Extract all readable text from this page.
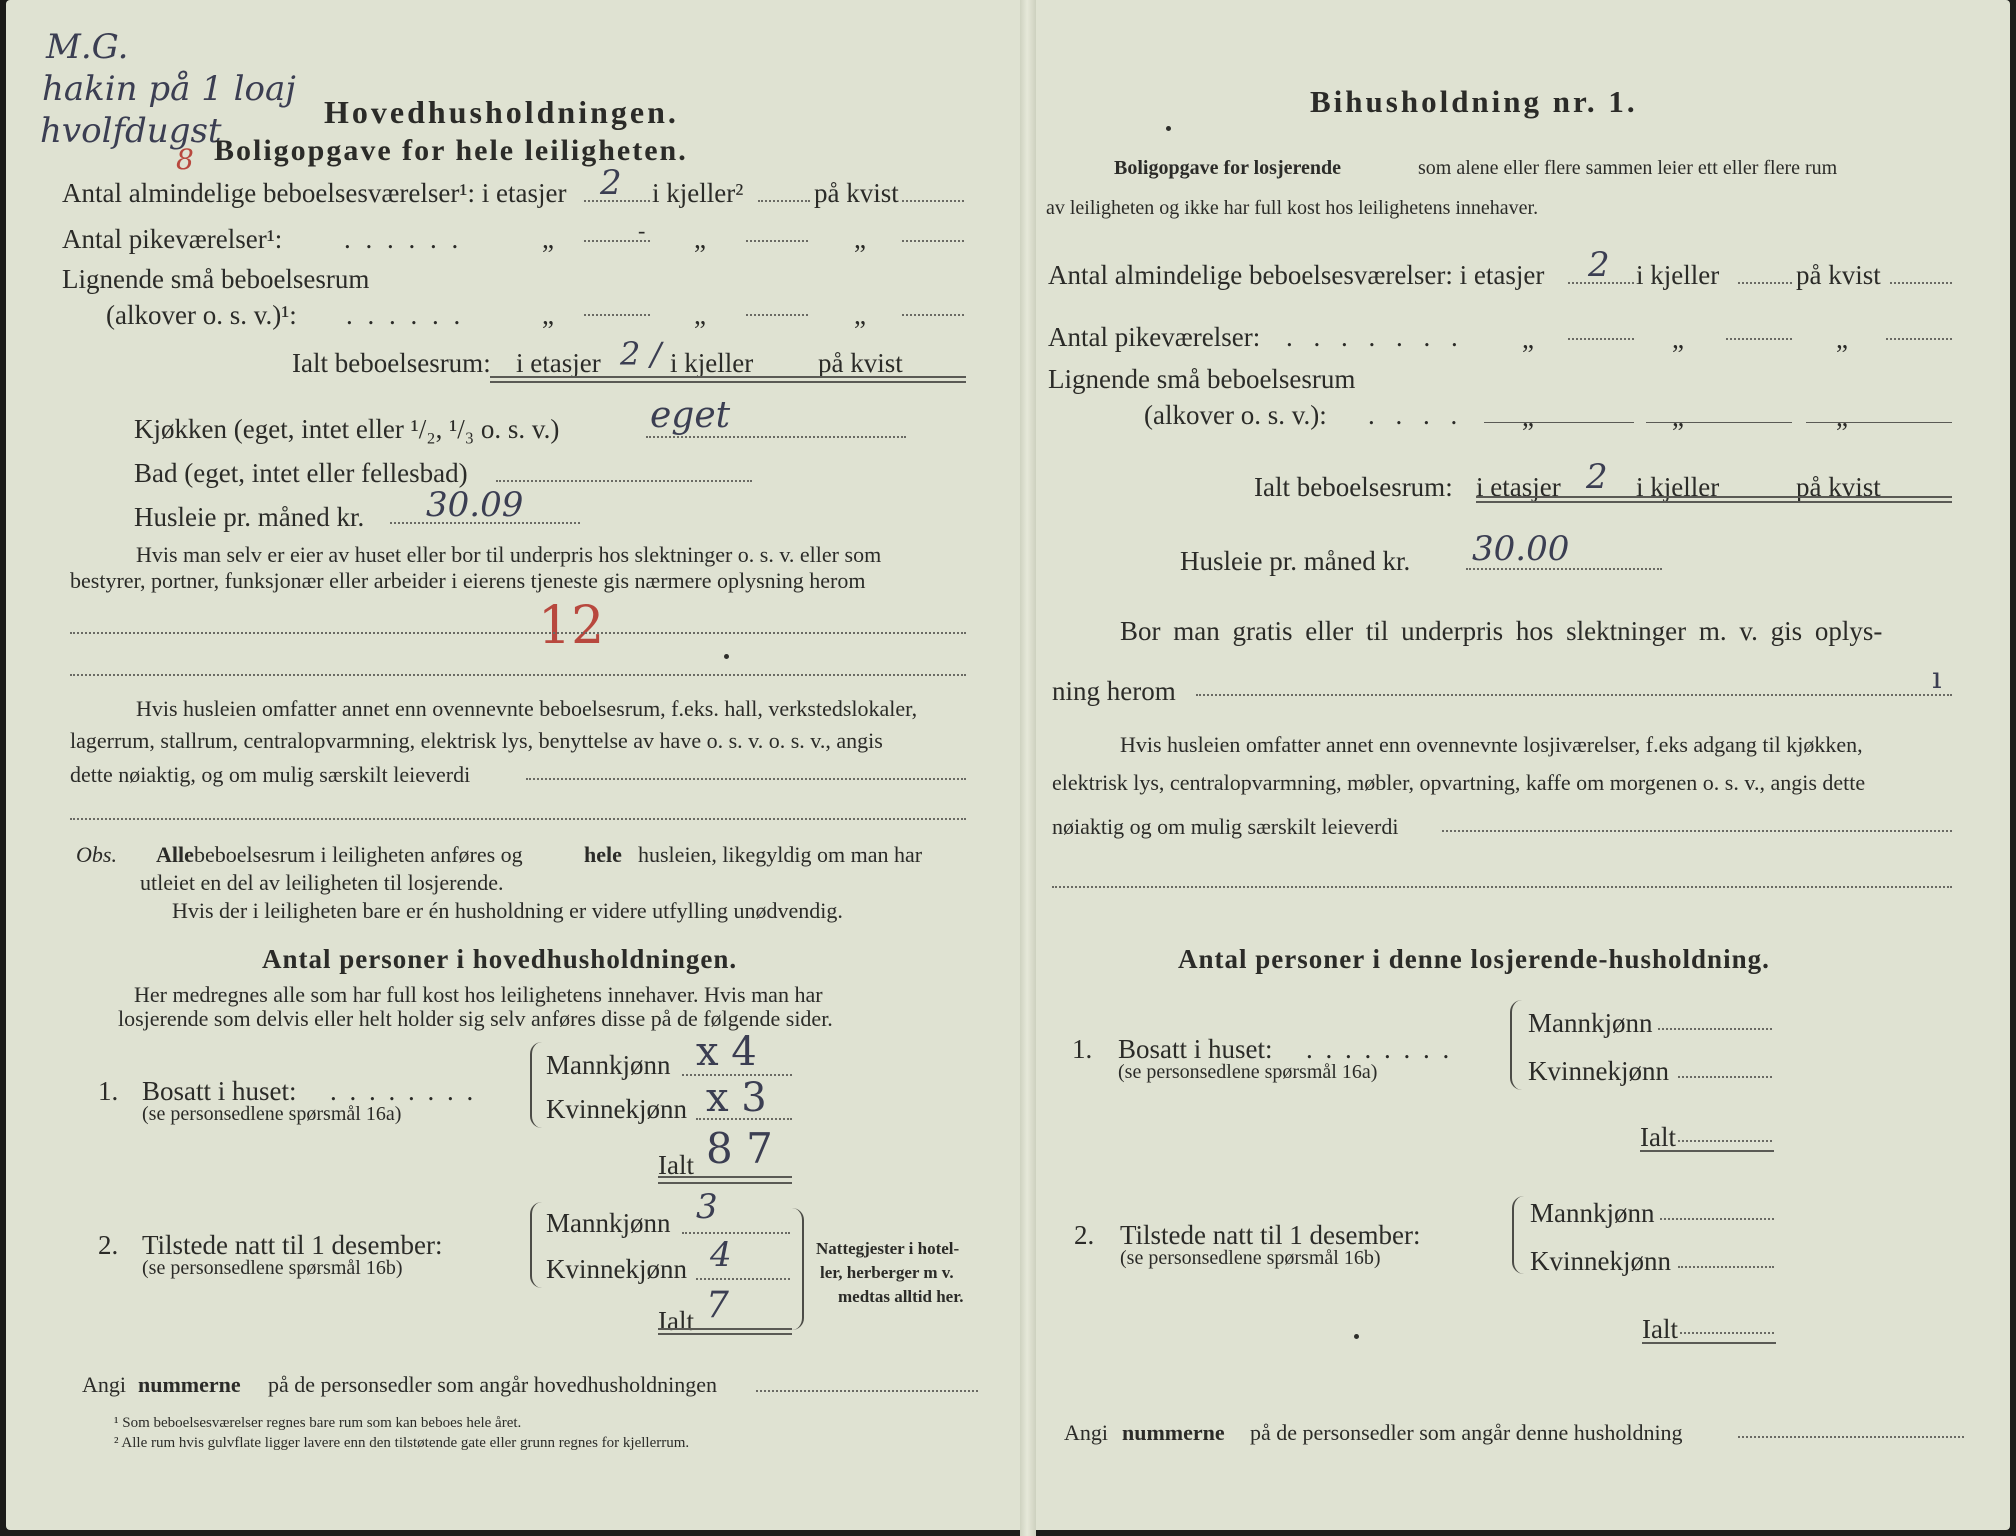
M.G.
hakin på 1 loaj
hvolfdugst
8
Hovedhusholdningen.
Boligopgave for hele leiligheten.
Antal almindelige beboelsesværelser¹: i etasjer 2 i kjeller²	på kvist
Antal pikeværelser¹: . . . . . .	„	- „	„
Lignende små beboelsesrum
(alkover o. s. v.)¹: . . . . . .	„	„	„
Ialt beboelsesrum: i etasjer 2 / i kjeller på kvist
Kjøkken (eget, intet eller ¹/₂, ¹/₃ o. s. v.)	eget
Bad (eget, intet eller fellesbad)
Husleie pr. måned kr. 30.09
Hvis man selv er eier av huset eller bor til underpris hos slektninger o. s. v. eller som
bestyrer, portner, funksjonær eller arbeider i eierens tjeneste gis nærmere oplysning herom
12
Hvis husleien omfatter annet enn ovennevnte beboelsesrum, f.eks. hall, verkstedslokaler,
lagerrum, stallrum, centralopvarmning, elektrisk lys, benyttelse av have o. s. v. o. s. v., angis
dette nøiaktig, og om mulig særskilt leieverdi
Obs. Alle beboelsesrum i leiligheten anføres og	hele husleien, likegyldig om man har
utleiet en del av leiligheten til losjerende.
Hvis der i leiligheten bare er én husholdning er videre utfylling unødvendig.
Antal personer i hovedhusholdningen.
Her medregnes alle som har full kost hos leilighetens innehaver. Hvis man har
losjerende som delvis eller helt holder sig selv anføres disse på de følgende sider.
1. Bosatt i huset: . . . . . . . .
(se personsedlene spørsmål 16a)
Mannkjønn x 4
Kvinnekjønn x 3
Ialt 8 7
2. Tilstede natt til 1 desember:
(se personsedlene spørsmål 16b)
Mannkjønn 3
Kvinnekjønn 4
Ialt 7
Nattegjester i hotel-
ler, herberger m v.
medtas alltid her.
Angi nummerne på de personsedler som angår hovedhusholdningen
¹ Som beboelsesværelser regnes bare rum som kan beboes hele året.
² Alle rum hvis gulvflate ligger lavere enn den tilstøtende gate eller grunn regnes for kjellerrum.
Bihusholdning nr. 1.
Boligopgave for losjerende	som alene eller flere sammen leier ett eller flere rum
av leiligheten og ikke har full kost hos leilighetens innehaver.
Antal almindelige beboelsesværelser: i etasjer 2 i kjeller	på kvist
Antal pikeværelser: . . . . . . . „	„	„
Lignende små beboelsesrum
(alkover o. s. v.): . . . . „	„	„
Ialt beboelsesrum: i etasjer 2 i kjeller	på kvist
Husleie pr. måned kr. 30.00
Bor man gratis eller til underpris hos slektninger m. v. gis oplys-
ning herom	ı
Hvis husleien omfatter annet enn ovennevnte losjiværelser, f.eks adgang til kjøkken,
elektrisk lys, centralopvarmning, møbler, opvartning, kaffe om morgenen o. s. v., angis dette
nøiaktig og om mulig særskilt leieverdi
Antal personer i denne losjerende-husholdning.
1. Bosatt i huset: . . . . . . . .
(se personsedlene spørsmål 16a)
Mannkjønn
Kvinnekjønn
Ialt
2. Tilstede natt til 1 desember:
(se personsedlene spørsmål 16b)
Mannkjønn
Kvinnekjønn
Ialt
Angi nummerne på de personsedler som angår denne husholdning
